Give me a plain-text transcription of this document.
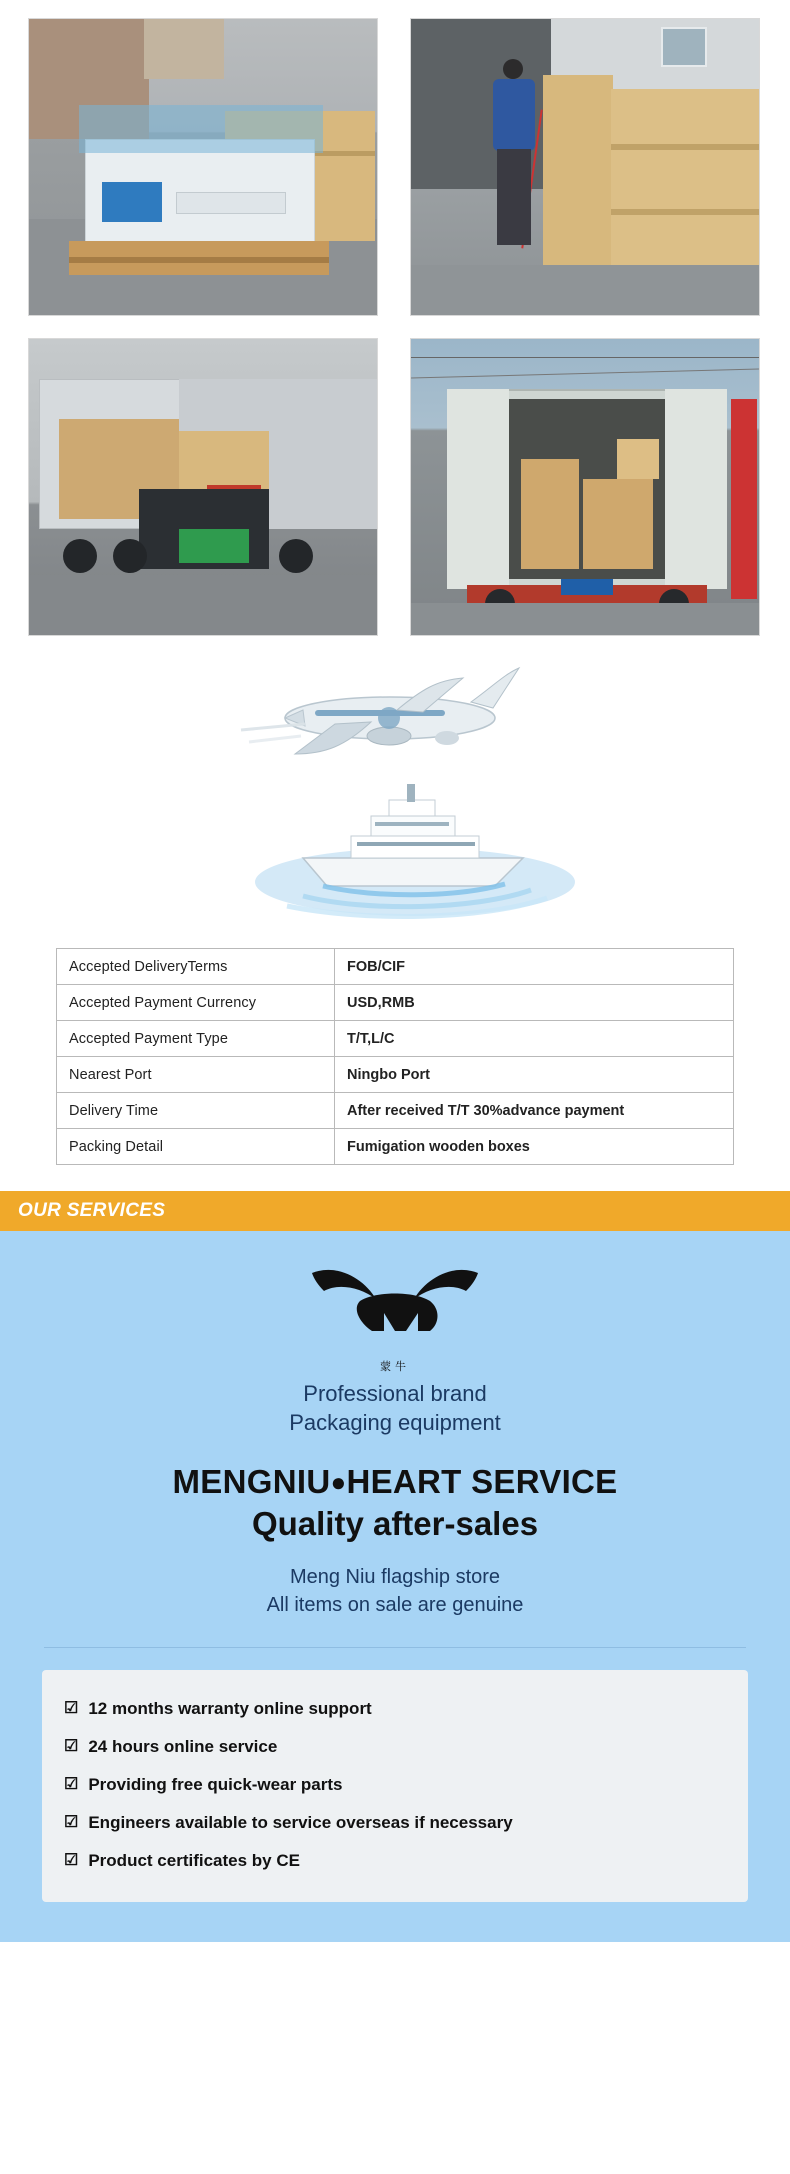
Accepted DeliveryTerms	FOB/CIF
Accepted Payment Currency	USD,RMB
Accepted Payment Type	T/T,L/C
Nearest Port	Ningbo Port
Delivery Time	After received T/T 30%advance payment
Packing Detail	Fumigation wooden boxes
OUR SERVICES
蒙牛
Professional brand
Packaging equipment
MENGNIU●HEART SERVICE
Quality after-sales
Meng Niu flagship store
All items on sale are genuine
☑ 12 months warranty online support
☑ 24 hours online service
☑ Providing free quick-wear parts
☑ Engineers available to service overseas if necessary
☑ Product certificates by CE
